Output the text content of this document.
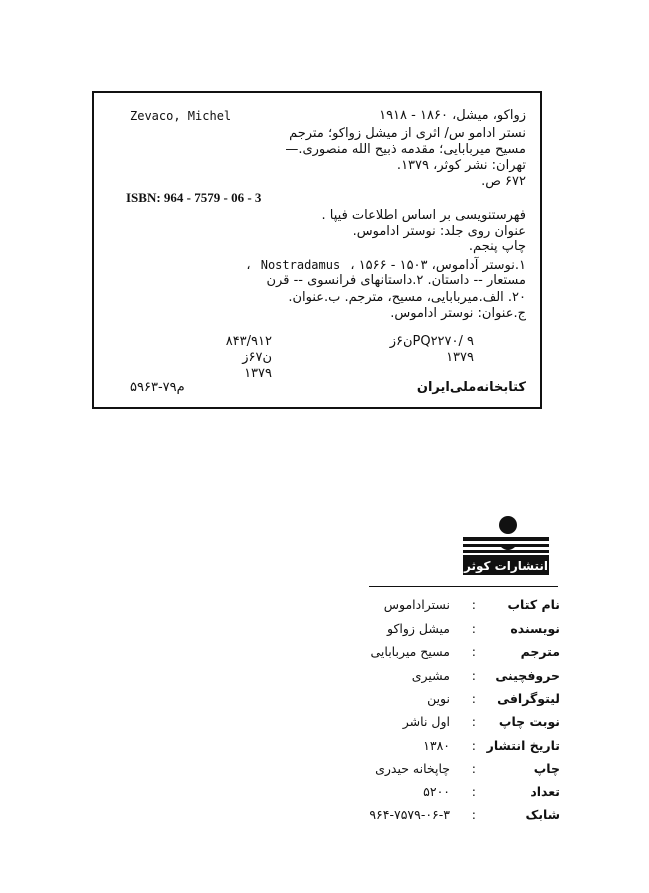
Zevaco, Michel	زواکو، میشل، ۱۸۶۰ - ۱۹۱۸
نستر ادامو س/ اثری از میشل زواکو؛ مترجم
مسیح میربابایی؛ مقدمه ذبیح الله منصوری.—
تهران: نشر کوثر، ۱۳۷۹.
۶۷۲ ص.
ISBN: 964 - 7579 - 06 - 3
فهرستنویسی بر اساس اطلاعات فیپا .
عنوان روی جلد: نوستر اداموس.
چاپ پنجم.
۱.نوستر آداموس، ۱۵۰۳ - ۱۵۶۶ ، Nostradamus ،
مستعار -- داستان. ۲.داستانهای فرانسوی -- قرن
۲۰. الف.میربابایی، مسیح، مترجم. ب.عنوان.
ج.عنوان: نوستر اداموس.
PQ۲۲۷۰/ ۹ن۶ز
۱۳۷۹
۸۴۳/۹۱۲
ن۶۷ز
۱۳۷۹
کتابخانه‌ملی‌ایران
م۷۹-۵۹۶۳
انتشارات کوثر
نام کتاب
:
نستراداموس
نویسنده
:
میشل زواکو
مترجم
:
مسیح میربابایی
حروفچینی
:
مشیری
لیتوگرافی
:
نوین
نوبت چاپ
:
اول ناشر
تاریخ انتشار
:
۱۳۸۰
چاپ
:
چاپخانه حیدری
تعداد
:
۵۲۰۰
شابک
:
۹۶۴-۷۵۷۹-۰۶-۳
